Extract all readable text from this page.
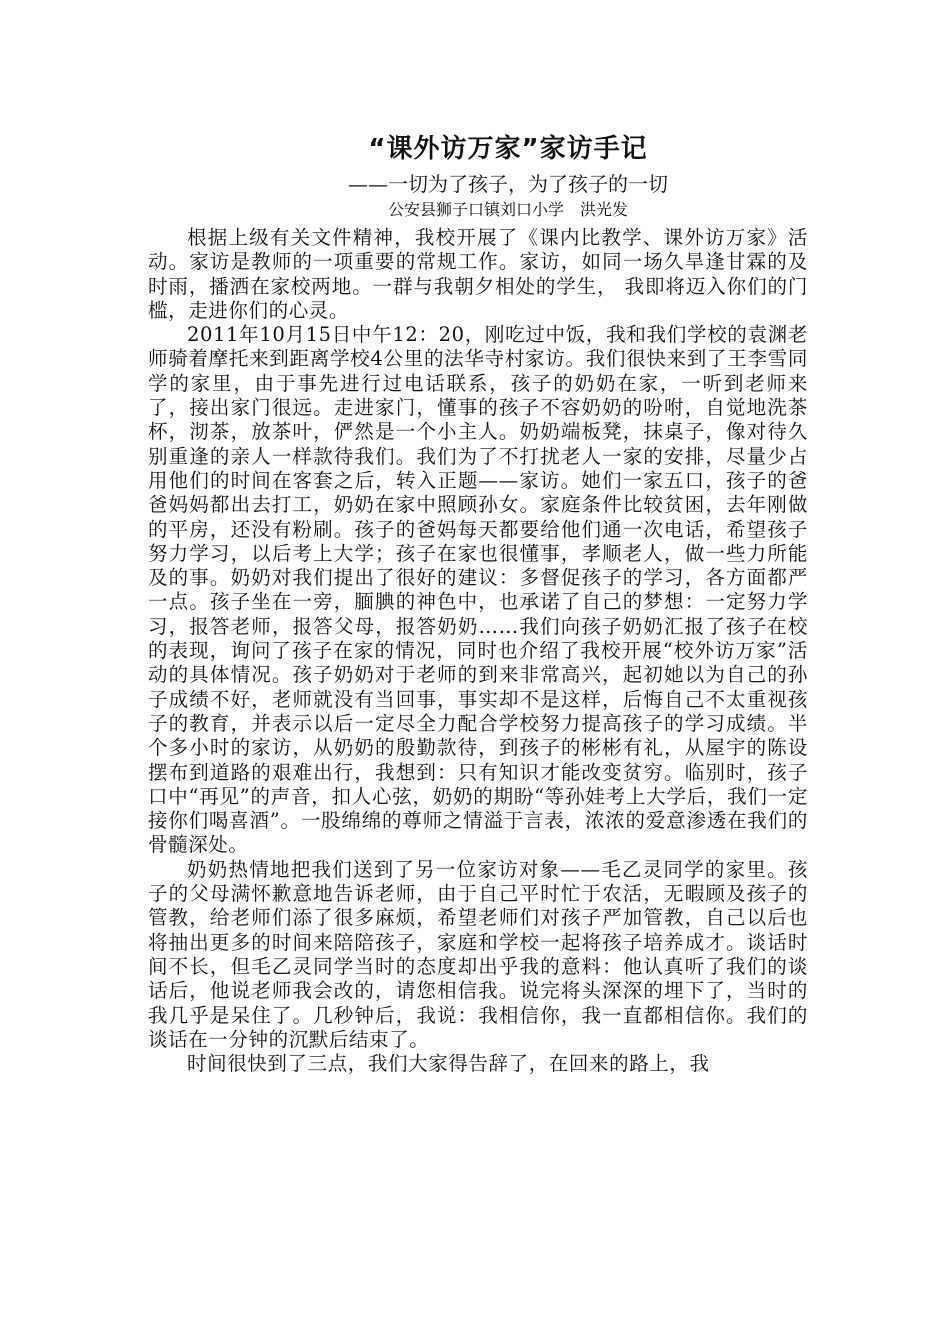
“课外访万家”家访手记
——一切为了孩子，为了孩子的一切
公安县狮子口镇刘口小学　洪光发

根据上级有关文件精神，我校开展了《课内比教学、课外访万家》活动。家访是教师的一项重要的常规工作。家访，如同一场久旱逢甘霖的及时雨，播洒在家校两地。一群与我朝夕相处的学生， 我即将迈入你们的门槛，走进你们的心灵。

2011年10月15日中午12：20，刚吃过中饭，我和我们学校的袁渊老师骑着摩托来到距离学校4公里的法华寺村家访。我们很快来到了王李雪同学的家里，由于事先进行过电话联系，孩子的奶奶在家，一听到老师来了，接出家门很远。走进家门，懂事的孩子不容奶奶的吩咐，自觉地洗茶杯，沏茶，放茶叶，俨然是一个小主人。奶奶端板凳，抹桌子，像对待久别重逢的亲人一样款待我们。我们为了不打扰老人一家的安排，尽量少占用他们的时间在客套之后，转入正题——家访。她们一家五口，孩子的爸爸妈妈都出去打工，奶奶在家中照顾孙女。家庭条件比较贫困，去年刚做的平房，还没有粉刷。孩子的爸妈每天都要给他们通一次电话，希望孩子努力学习，以后考上大学；孩子在家也很懂事，孝顺老人，做一些力所能及的事。奶奶对我们提出了很好的建议：多督促孩子的学习，各方面都严一点。孩子坐在一旁，腼腆的神色中，也承诺了自己的梦想：一定努力学习，报答老师，报答父母，报答奶奶……我们向孩子奶奶汇报了孩子在校的表现，询问了孩子在家的情况，同时也介绍了我校开展“校外访万家”活动的具体情况。孩子奶奶对于老师的到来非常高兴，起初她以为自己的孙子成绩不好，老师就没有当回事，事实却不是这样，后悔自己不太重视孩子的教育，并表示以后一定尽全力配合学校努力提高孩子的学习成绩。半个多小时的家访，从奶奶的殷勤款待，到孩子的彬彬有礼，从屋宇的陈设摆布到道路的艰难出行，我想到：只有知识才能改变贫穷。临别时，孩子口中“再见”的声音，扣人心弦，奶奶的期盼“等孙娃考上大学后，我们一定接你们喝喜酒”。一股绵绵的尊师之情溢于言表，浓浓的爱意渗透在我们的骨髓深处。

奶奶热情地把我们送到了另一位家访对象——毛乙灵同学的家里。孩子的父母满怀歉意地告诉老师，由于自己平时忙于农活，无暇顾及孩子的管教，给老师们添了很多麻烦，希望老师们对孩子严加管教，自己以后也将抽出更多的时间来陪陪孩子，家庭和学校一起将孩子培养成才。谈话时间不长，但毛乙灵同学当时的态度却出乎我的意料：他认真听了我们的谈话后，他说老师我会改的，请您相信我。说完将头深深的埋下了，当时的我几乎是呆住了。几秒钟后，我说：我相信你，我一直都相信你。我们的谈话在一分钟的沉默后结束了。

时间很快到了三点，我们大家得告辞了，在回来的路上，我
